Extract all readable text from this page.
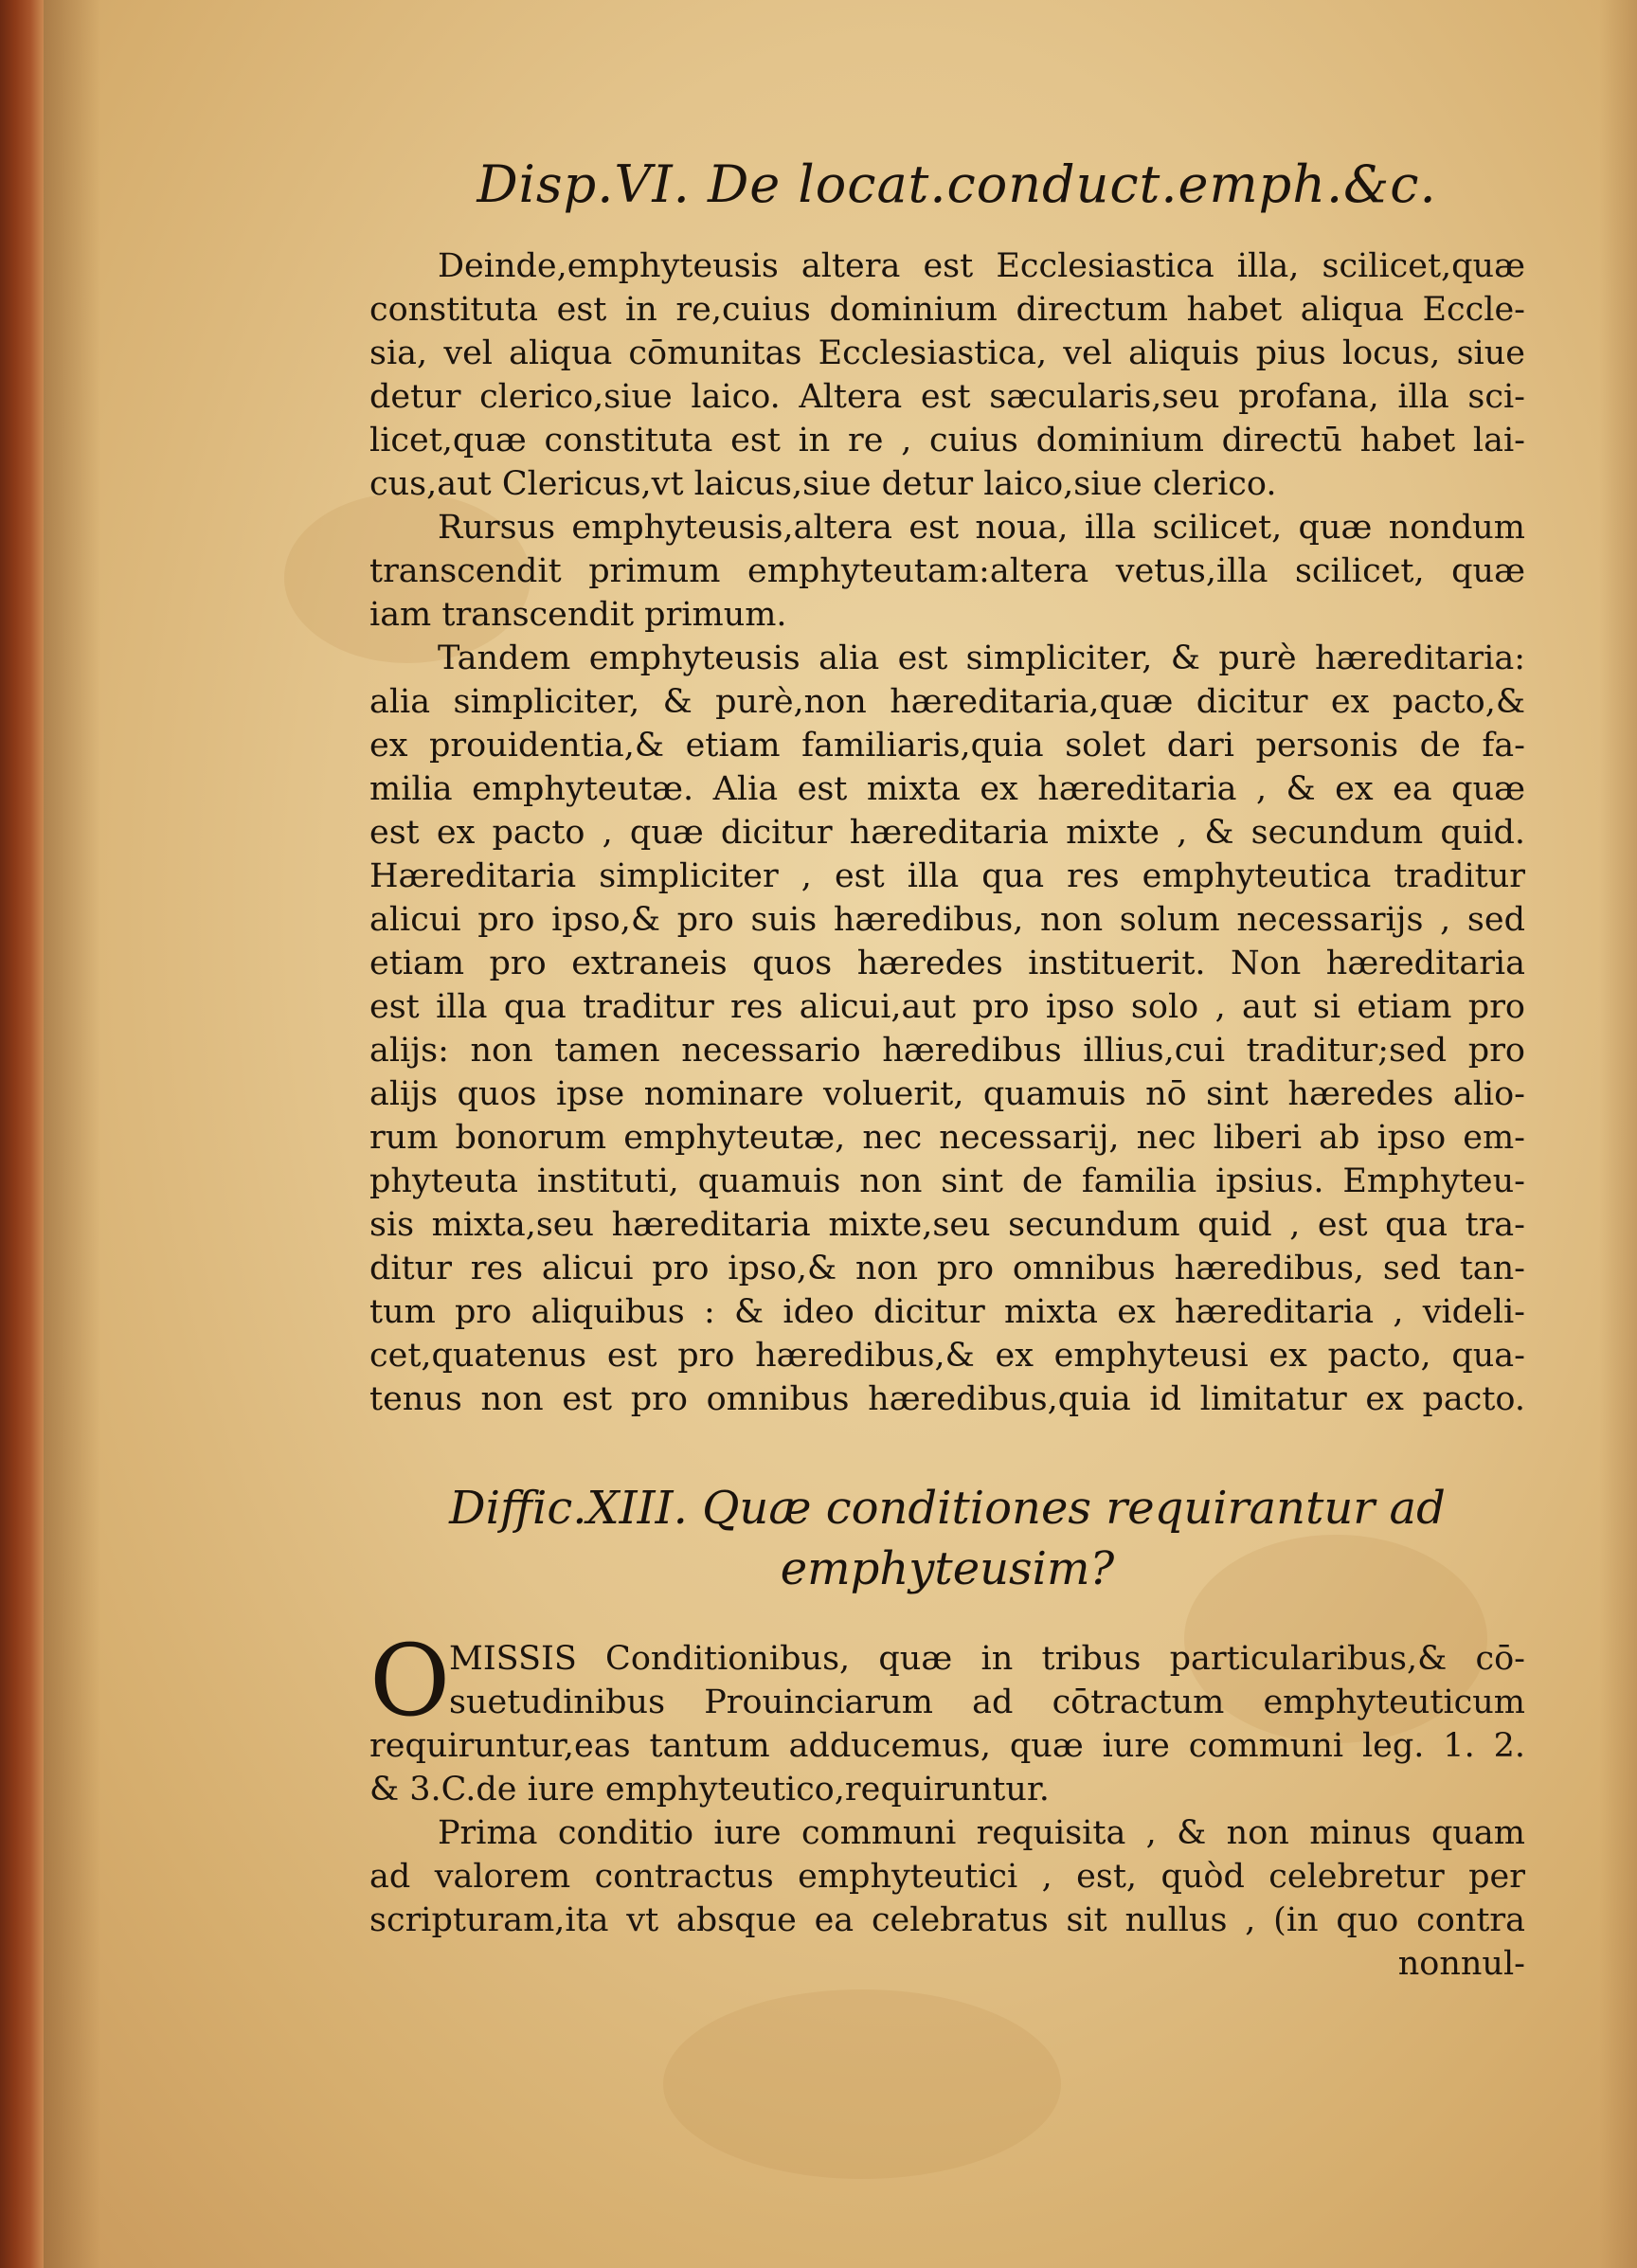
Disp.VI. De locat.conduct.emph.&c.
Deinde,emphyteusis altera est Ecclesiastica illa, scilicet,quæ
constituta est in re,cuius dominium directum habet aliqua Eccle-
sia, vel aliqua cōmunitas Ecclesiastica, vel aliquis pius locus, siue
detur clerico,siue laico. Altera est sæcularis,seu profana, illa sci-
licet,quæ constituta est in re , cuius dominium directū habet lai-
cus,aut Clericus,vt laicus,siue detur laico,siue clerico.
Rursus emphyteusis,altera est noua, illa scilicet, quæ nondum
transcendit primum emphyteutam:altera vetus,illa scilicet, quæ
iam transcendit primum.
Tandem emphyteusis alia est simpliciter, & purè hæreditaria:
alia simpliciter, & purè,non hæreditaria,quæ dicitur ex pacto,&
ex prouidentia,& etiam familiaris,quia solet dari personis de fa-
milia emphyteutæ. Alia est mixta ex hæreditaria , & ex ea quæ
est ex pacto , quæ dicitur hæreditaria mixte , & secundum quid.
Hæreditaria simpliciter , est illa qua res emphyteutica traditur
alicui pro ipso,& pro suis hæredibus, non solum necessarijs , sed
etiam pro extraneis quos hæredes instituerit. Non hæreditaria
est illa qua traditur res alicui,aut pro ipso solo , aut si etiam pro
alijs: non tamen necessario hæredibus illius,cui traditur;sed pro
alijs quos ipse nominare voluerit, quamuis nō sint hæredes alio-
rum bonorum emphyteutæ, nec necessarij, nec liberi ab ipso em-
phyteuta instituti, quamuis non sint de familia ipsius. Emphyteu-
sis mixta,seu hæreditaria mixte,seu secundum quid , est qua tra-
ditur res alicui pro ipso,& non pro omnibus hæredibus, sed tan-
tum pro aliquibus : & ideo dicitur mixta ex hæreditaria , videli-
cet,quatenus est pro hæredibus,& ex emphyteusi ex pacto, qua-
tenus non est pro omnibus hæredibus,quia id limitatur ex pacto.
Diffic.XIII. Quæ conditiones requirantur ad
emphyteusim?
O
MISSIS Conditionibus, quæ in tribus particularibus,& cō-
suetudinibus Prouinciarum ad cōtractum emphyteuticum
requiruntur,eas tantum adducemus, quæ iure communi leg. 1. 2.
& 3.C.de iure emphyteutico,requiruntur.
Prima conditio iure communi requisita , & non minus quam
ad valorem contractus emphyteutici , est, quòd celebretur per
scripturam,ita vt absque ea celebratus sit nullus , (in quo contra
nonnul-
